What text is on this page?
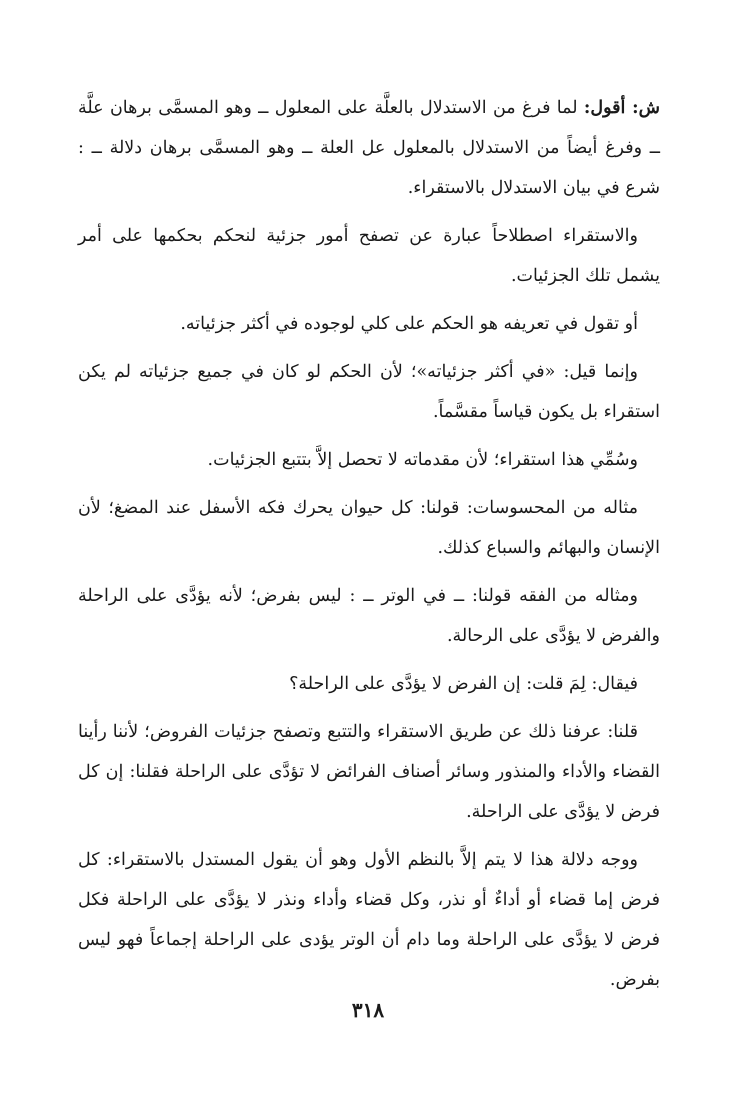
ش: أقول: لما فرغ من الاستدلال بالعلَّة على المعلول ــ وهو المسمَّى برهان علَّة ــ وفرغ أيضاً من الاستدلال بالمعلول عل العلة ــ وهو المسمَّى برهان دلالة ــ : شرع في بيان الاستدلال بالاستقراء.

والاستقراء اصطلاحاً عبارة عن تصفح أمور جزئية لنحكم بحكمها على أمر يشمل تلك الجزئيات.

أو تقول في تعريفه هو الحكم على كلي لوجوده في أكثر جزئياته.

وإنما قيل: «في أكثر جزئياته»؛ لأن الحكم لو كان في جميع جزئياته لم يكن استقراء بل يكون قياساً مقسَّماً.

وسُمِّي هذا استقراء؛ لأن مقدماته لا تحصل إلاَّ بتتبع الجزئيات.

مثاله من المحسوسات: قولنا: كل حيوان يحرك فكه الأسفل عند المضغ؛ لأن الإنسان والبهائم والسباع كذلك.

ومثاله من الفقه قولنا: ــ في الوتر ــ : ليس بفرض؛ لأنه يؤدَّى على الراحلة والفرض لا يؤدَّى على الرحالة.

فيقال: لِمَ قلت: إن الفرض لا يؤدَّى على الراحلة؟

قلنا: عرفنا ذلك عن طريق الاستقراء والتتبع وتصفح جزئيات الفروض؛ لأننا رأينا القضاء والأداء والمنذور وسائر أصناف الفرائض لا تؤدَّى على الراحلة فقلنا: إن كل فرض لا يؤدَّى على الراحلة.

ووجه دلالة هذا لا يتم إلاَّ بالنظم الأول وهو أن يقول المستدل بالاستقراء: كل فرض إما قضاء أو أداءٌ أو نذر، وكل قضاء وأداء ونذر لا يؤدَّى على الراحلة فكل فرض لا يؤدَّى على الراحلة وما دام أن الوتر يؤدى على الراحلة إجماعاً فهو ليس بفرض.

٣١٨
